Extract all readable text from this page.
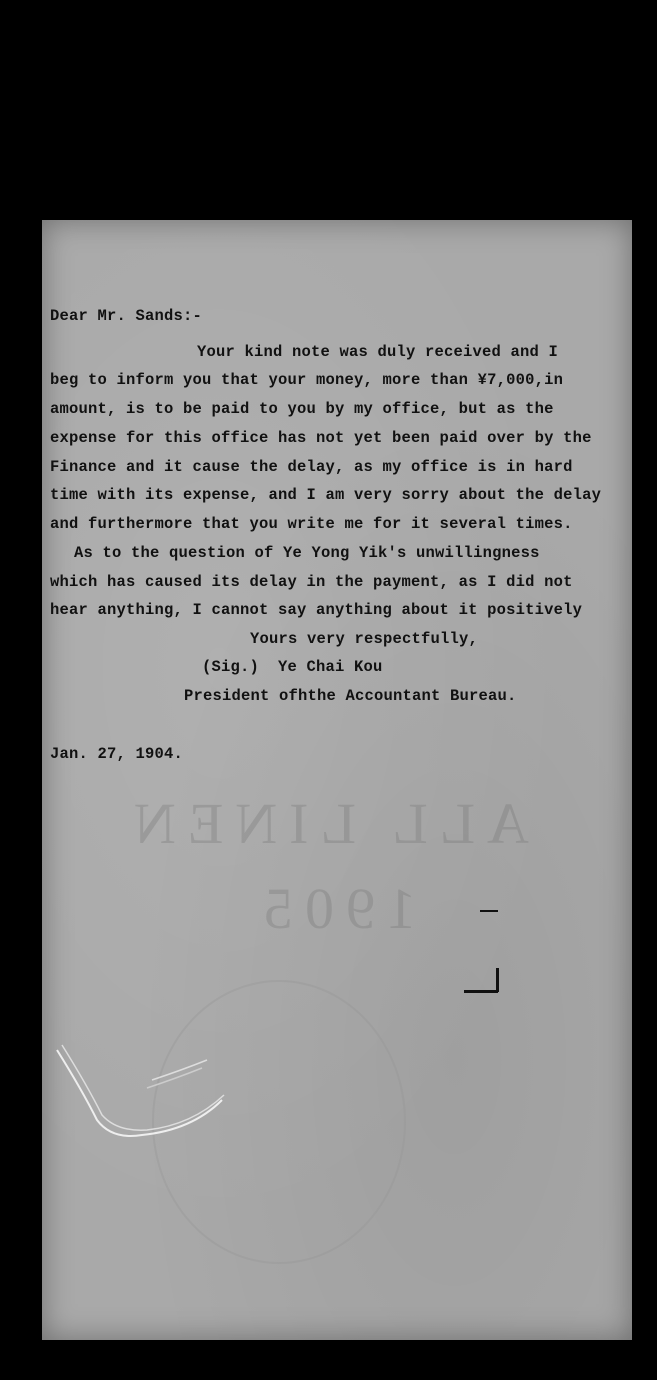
Dear Mr. Sands:-
Your kind note was duly received and I
beg to inform you that your money, more than ¥7,000,in
amount, is to be paid to you by my office, but as the
expense for this office has not yet been paid over by the
Finance and it cause the delay, as my office is in hard
time with its expense, and I am very sorry about the delay
and furthermore that you write me for it several times.
As to the question of Ye Yong Yik's unwillingness
which has caused its delay in the payment, as I did not
hear anything, I cannot say anything about it positively
Yours very respectfully,
(Sig.)  Ye Chai Kou
President ofhthe Accountant Bureau.
Jan. 27, 1904.
ALL LINEN
1905
